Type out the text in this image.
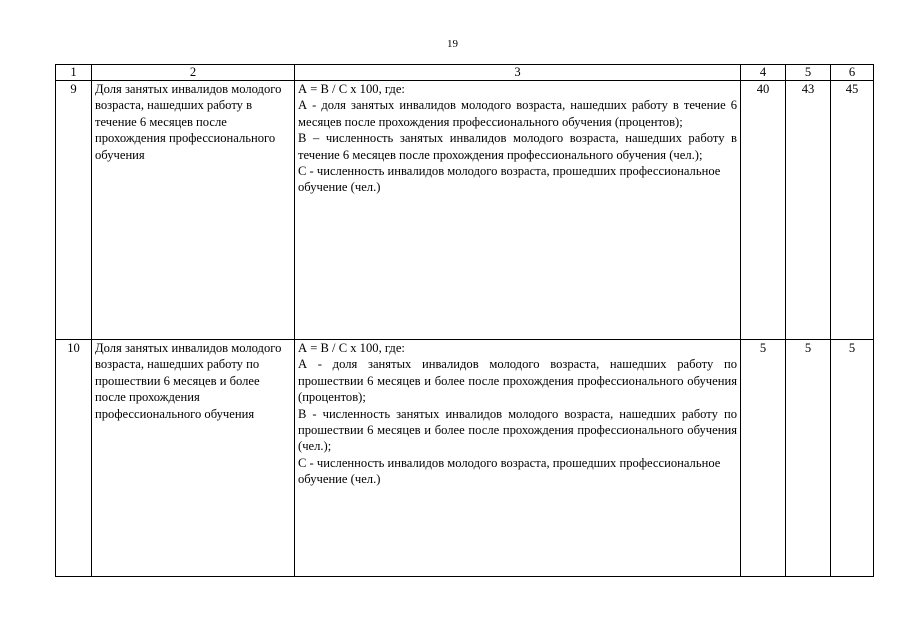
19
1	2	3	4	5	6
9	Доля занятых инвалидов молодого возраста, нашедших работу в течение 6 месяцев после прохождения профессионального обучения	А = B / С х 100, где:

А - доля занятых инвалидов молодого возраста, нашедших работу в течение 6 месяцев после прохождения профессионального обучения (процентов);

В – численность занятых инвалидов молодого возраста, нашедших работу в течение 6 месяцев после прохождения профессионального обучения (чел.);

С - численность инвалидов молодого возраста, прошедших профессиональное обучение (чел.)	40	43	45
10	Доля занятых инвалидов молодого возраста, нашедших работу по прошествии 6 месяцев и более после прохождения профессионального обучения	А = B / С х 100, где:

А - доля занятых инвалидов молодого возраста, нашедших работу по прошествии 6 месяцев и более после прохождения профессионального обучения (процентов);

В - численность занятых инвалидов молодого возраста, нашедших работу по прошествии 6 месяцев и более после прохождения профессионального обучения (чел.);

С - численность инвалидов молодого возраста, прошедших профессиональное обучение (чел.)	5	5	5
